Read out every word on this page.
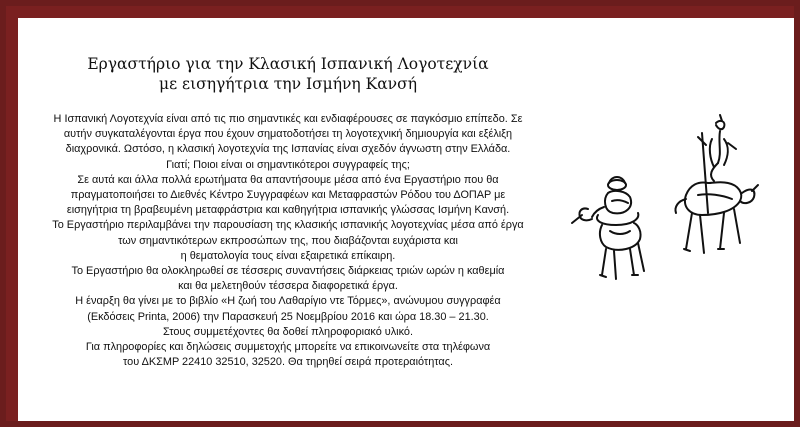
Εργαστήριο για την Κλασική Ισπανική Λογοτεχνία
με εισηγήτρια την Ισμήνη Κανσή
Η Ισπανική Λογοτεχνία είναι από τις πιο σημαντικές και ενδιαφέρουσες σε παγκόσμιο επίπεδο. Σε
αυτήν συγκαταλέγονται έργα που έχουν σηματοδοτήσει τη λογοτεχνική δημιουργία και εξέλιξη
διαχρονικά. Ωστόσο, η κλασική λογοτεχνία της Ισπανίας είναι σχεδόν άγνωστη στην Ελλάδα.
Γιατί; Ποιοι είναι οι σημαντικότεροι συγγραφείς της;
Σε αυτά και άλλα πολλά ερωτήματα θα απαντήσουμε μέσα από ένα Εργαστήριο που θα
πραγματοποιήσει το Διεθνές Κέντρο Συγγραφέων και Μεταφραστών Ρόδου του ΔΟΠΑΡ με
εισηγήτρια τη βραβευμένη μεταφράστρια και καθηγήτρια ισπανικής γλώσσας Ισμήνη Κανσή.
Το Εργαστήριο περιλαμβάνει την παρουσίαση της κλασικής ισπανικής λογοτεχνίας μέσα από έργα
των σημαντικότερων εκπροσώπων της, που διαβάζονται ευχάριστα και
η θεματολογία τους είναι εξαιρετικά επίκαιρη.
Το Εργαστήριο θα ολοκληρωθεί σε τέσσερις συναντήσεις διάρκειας τριών ωρών η καθεμία
και θα μελετηθούν τέσσερα διαφορετικά έργα.
Η έναρξη θα γίνει με το βιβλίο «Η ζωή του Λαθαρίγιο ντε Τόρμες», ανώνυμου συγγραφέα
(Εκδόσεις Printa, 2006) την Παρασκευή 25 Νοεμβρίου 2016 και ώρα 18.30 – 21.30.
Στους συμμετέχοντες θα δοθεί πληροφοριακό υλικό.
Για πληροφορίες και δηλώσεις συμμετοχής μπορείτε να επικοινωνείτε στα τηλέφωνα
του ΔΚΣΜΡ 22410 32510, 32520. Θα τηρηθεί σειρά προτεραιότητας.
